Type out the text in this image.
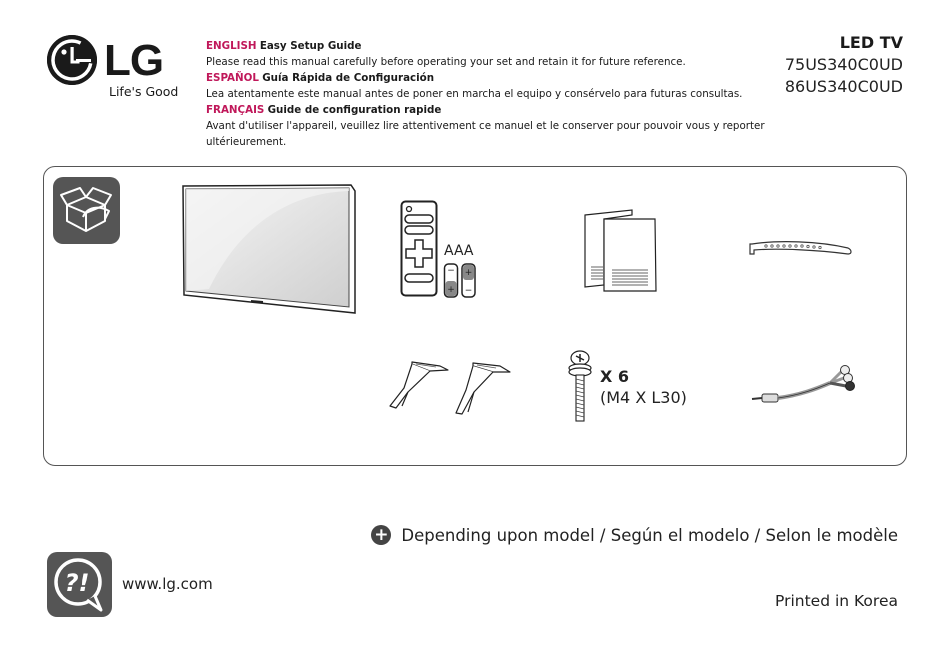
LG
Life's Good
ENGLISH Easy Setup Guide
Please read this manual carefully before operating your set and retain it for future reference.
ESPAÑOL Guía Rápida de Configuración
Lea atentamente este manual antes de poner en marcha el equipo y consérvelo para futuras consultas.
FRANÇAIS Guide de configuration rapide
Avant d'utiliser l'appareil, veuillez lire attentivement ce manuel et le conserver pour pouvoir vous y reporter
ultérieurement.
LED TV
75US340C0UD
86US340C0UD
AAA
−
+
+
−
X 6
(M4 X L30)
+ Depending upon model / Según el modelo / Selon le modèle
?! www.lg.com
Printed in Korea
